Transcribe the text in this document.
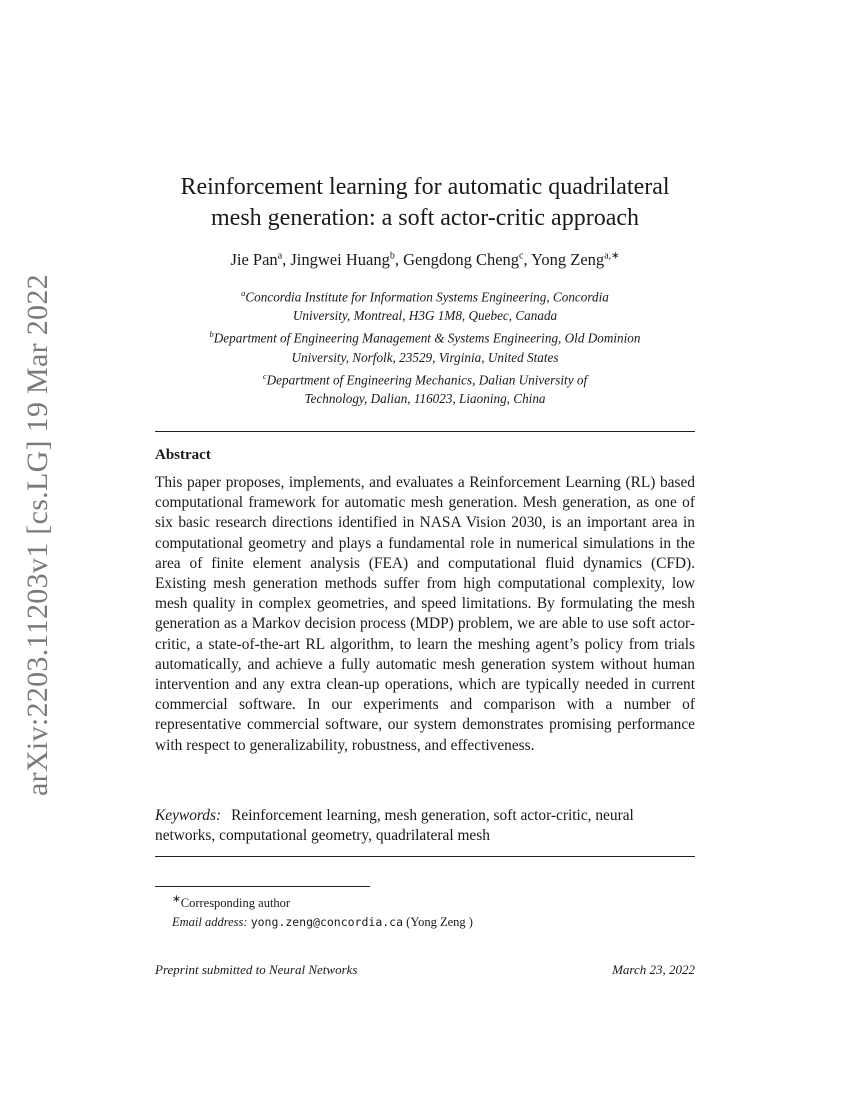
arXiv:2203.11203v1 [cs.LG] 19 Mar 2022
Reinforcement learning for automatic quadrilateral
mesh generation: a soft actor-critic approach
Jie Pan$^a$, Jingwei Huang$^b$, Gengdong Cheng$^c$, Yong Zeng$^{a,∗}$
$^a$Concordia Institute for Information Systems Engineering, Concordia
University, Montreal, H3G 1M8, Quebec, Canada
$^b$Department of Engineering Management & Systems Engineering, Old Dominion
University, Norfolk, 23529, Virginia, United States
$^c$Department of Engineering Mechanics, Dalian University of
Technology, Dalian, 116023, Liaoning, China
Abstract
This paper proposes, implements, and evaluates a Reinforcement Learning (RL) based computational framework for automatic mesh generation. Mesh generation, as one of six basic research directions identified in NASA Vision 2030, is an important area in computational geometry and plays a fundamental role in numerical simulations in the area of finite element analysis (FEA) and computational fluid dynamics (CFD). Existing mesh generation methods suffer from high computational complexity, low mesh quality in complex geometries, and speed limitations. By formulating the mesh generation as a Markov decision process (MDP) problem, we are able to use soft actor-critic, a state-of-the-art RL algorithm, to learn the meshing agent’s policy from trials automatically, and achieve a fully automatic mesh generation system without human intervention and any extra clean-up operations, which are typically needed in current commercial software. In our experiments and comparison with a number of representative commercial software, our system demonstrates promising performance with respect to generalizability, robustness, and effectiveness.
Keywords: Reinforcement learning, mesh generation, soft actor-critic, neural networks, computational geometry, quadrilateral mesh
∗Corresponding author
Email address: yong.zeng@concordia.ca (Yong Zeng )
Preprint submitted to Neural Networks	March 23, 2022
